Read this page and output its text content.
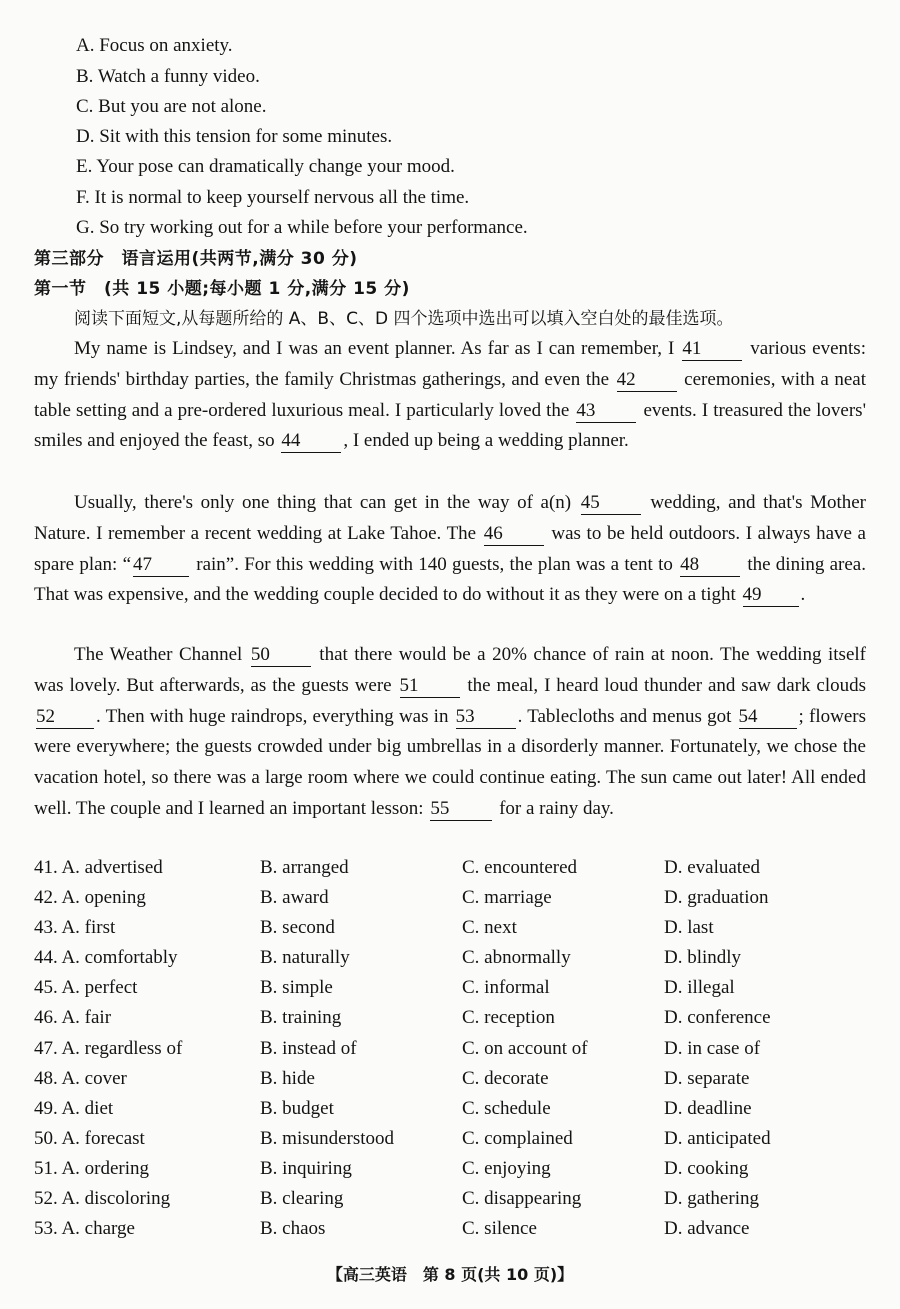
A. Focus on anxiety.
B. Watch a funny video.
C. But you are not alone.
D. Sit with this tension for some minutes.
E. Your pose can dramatically change your mood.
F. It is normal to keep yourself nervous all the time.
G. So try working out for a while before your performance.
第三部分　语言运用(共两节,满分 30 分)
第一节　(共 15 小题;每小题 1 分,满分 15 分)
阅读下面短文,从每题所给的 A、B、C、D 四个选项中选出可以填入空白处的最佳选项。
My name is Lindsey, and I was an event planner. As far as I can remember, I 41 various events: my friends' birthday parties, the family Christmas gatherings, and even the 42 ceremonies, with a neat table setting and a pre-ordered luxurious meal. I particularly loved the 43 events. I treasured the lovers' smiles and enjoyed the feast, so 44 , I ended up being a wedding planner.
Usually, there's only one thing that can get in the way of a(n) 45 wedding, and that's Mother Nature. I remember a recent wedding at Lake Tahoe. The 46 was to be held outdoors. I always have a spare plan: “ 47 rain”. For this wedding with 140 guests, the plan was a tent to 48 the dining area. That was expensive, and the wedding couple decided to do without it as they were on a tight 49 .
The Weather Channel 50 that there would be a 20% chance of rain at noon. The wedding itself was lovely. But afterwards, as the guests were 51 the meal, I heard loud thunder and saw dark clouds 52 . Then with huge raindrops, everything was in 53 . Tablecloths and menus got 54 ; flowers were everywhere; the guests crowded under big umbrellas in a disorderly manner. Fortunately, we chose the vacation hotel, so there was a large room where we could continue eating. The sun came out later! All ended well. The couple and I learned an important lesson: 55 for a rainy day.
41. A. advertised	B. arranged	C. encountered	D. evaluated
42. A. opening	B. award	C. marriage	D. graduation
43. A. first	B. second	C. next	D. last
44. A. comfortably	B. naturally	C. abnormally	D. blindly
45. A. perfect	B. simple	C. informal	D. illegal
46. A. fair	B. training	C. reception	D. conference
47. A. regardless of	B. instead of	C. on account of	D. in case of
48. A. cover	B. hide	C. decorate	D. separate
49. A. diet	B. budget	C. schedule	D. deadline
50. A. forecast	B. misunderstood	C. complained	D. anticipated
51. A. ordering	B. inquiring	C. enjoying	D. cooking
52. A. discoloring	B. clearing	C. disappearing	D. gathering
53. A. charge	B. chaos	C. silence	D. advance
【高三英语　第 8 页(共 10 页)】
